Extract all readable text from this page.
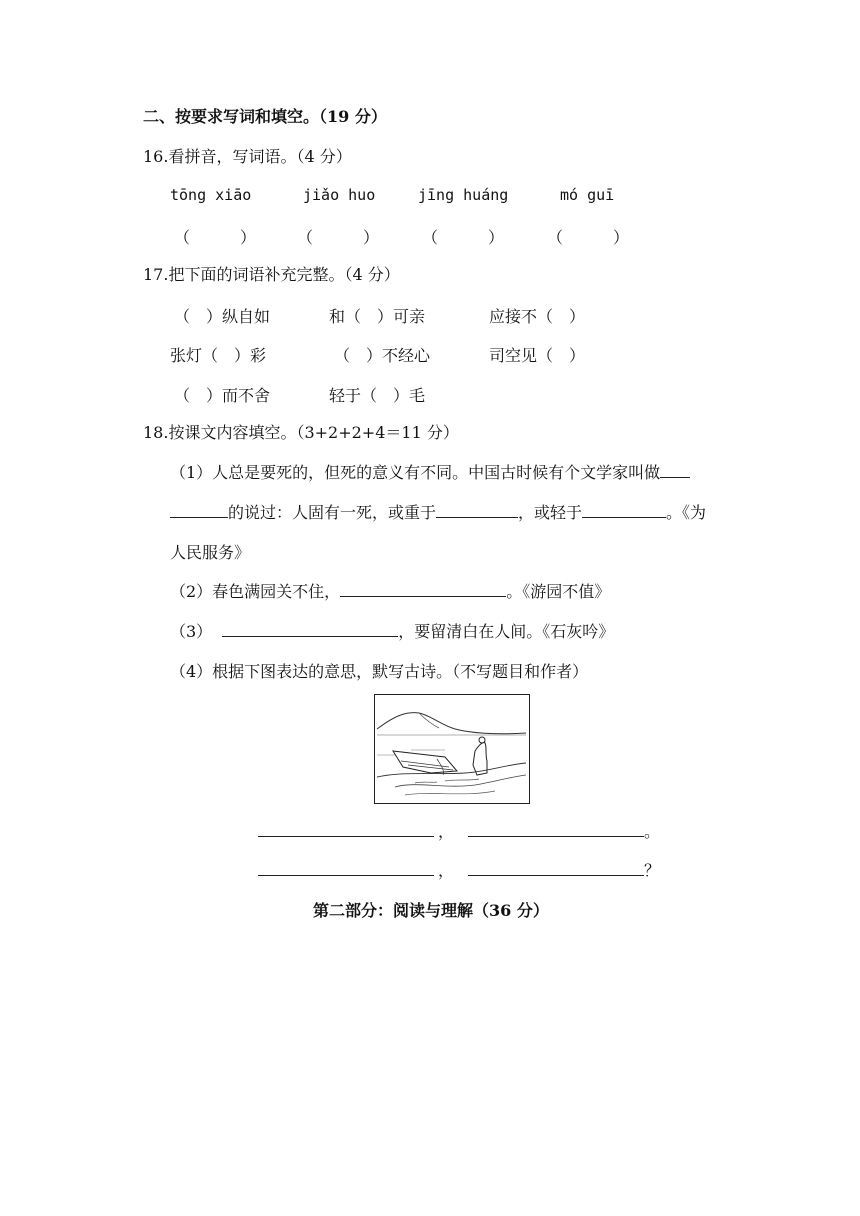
二、按要求写词和填空。（19 分）
16.看拼音，写词语。（4 分）
tōng xiāo	jiǎo huo	jīng huáng	mó guī
（	）	（	）	（	）	（	）
17.把下面的词语补充完整。（4 分）
（　）纵自如	和（　）可亲	应接不（　）
张灯（　）彩	（　）不经心	司空见（　）
（　）而不舍	轻于（　）毛
18.按课文内容填空。（3+2+2+4＝11 分）
（1）人总是要死的，但死的意义有不同。中国古时候有个文学家叫做
的说过：人固有一死，或重于	，或轻于	。《为
人民服务》
（2）春色满园关不住，	。《游园不值》
（3）	，要留清白在人间。《石灰吟》
（4）根据下图表达的意思，默写古诗。（不写题目和作者）
，	。
，	？
第二部分：阅读与理解（36 分）
